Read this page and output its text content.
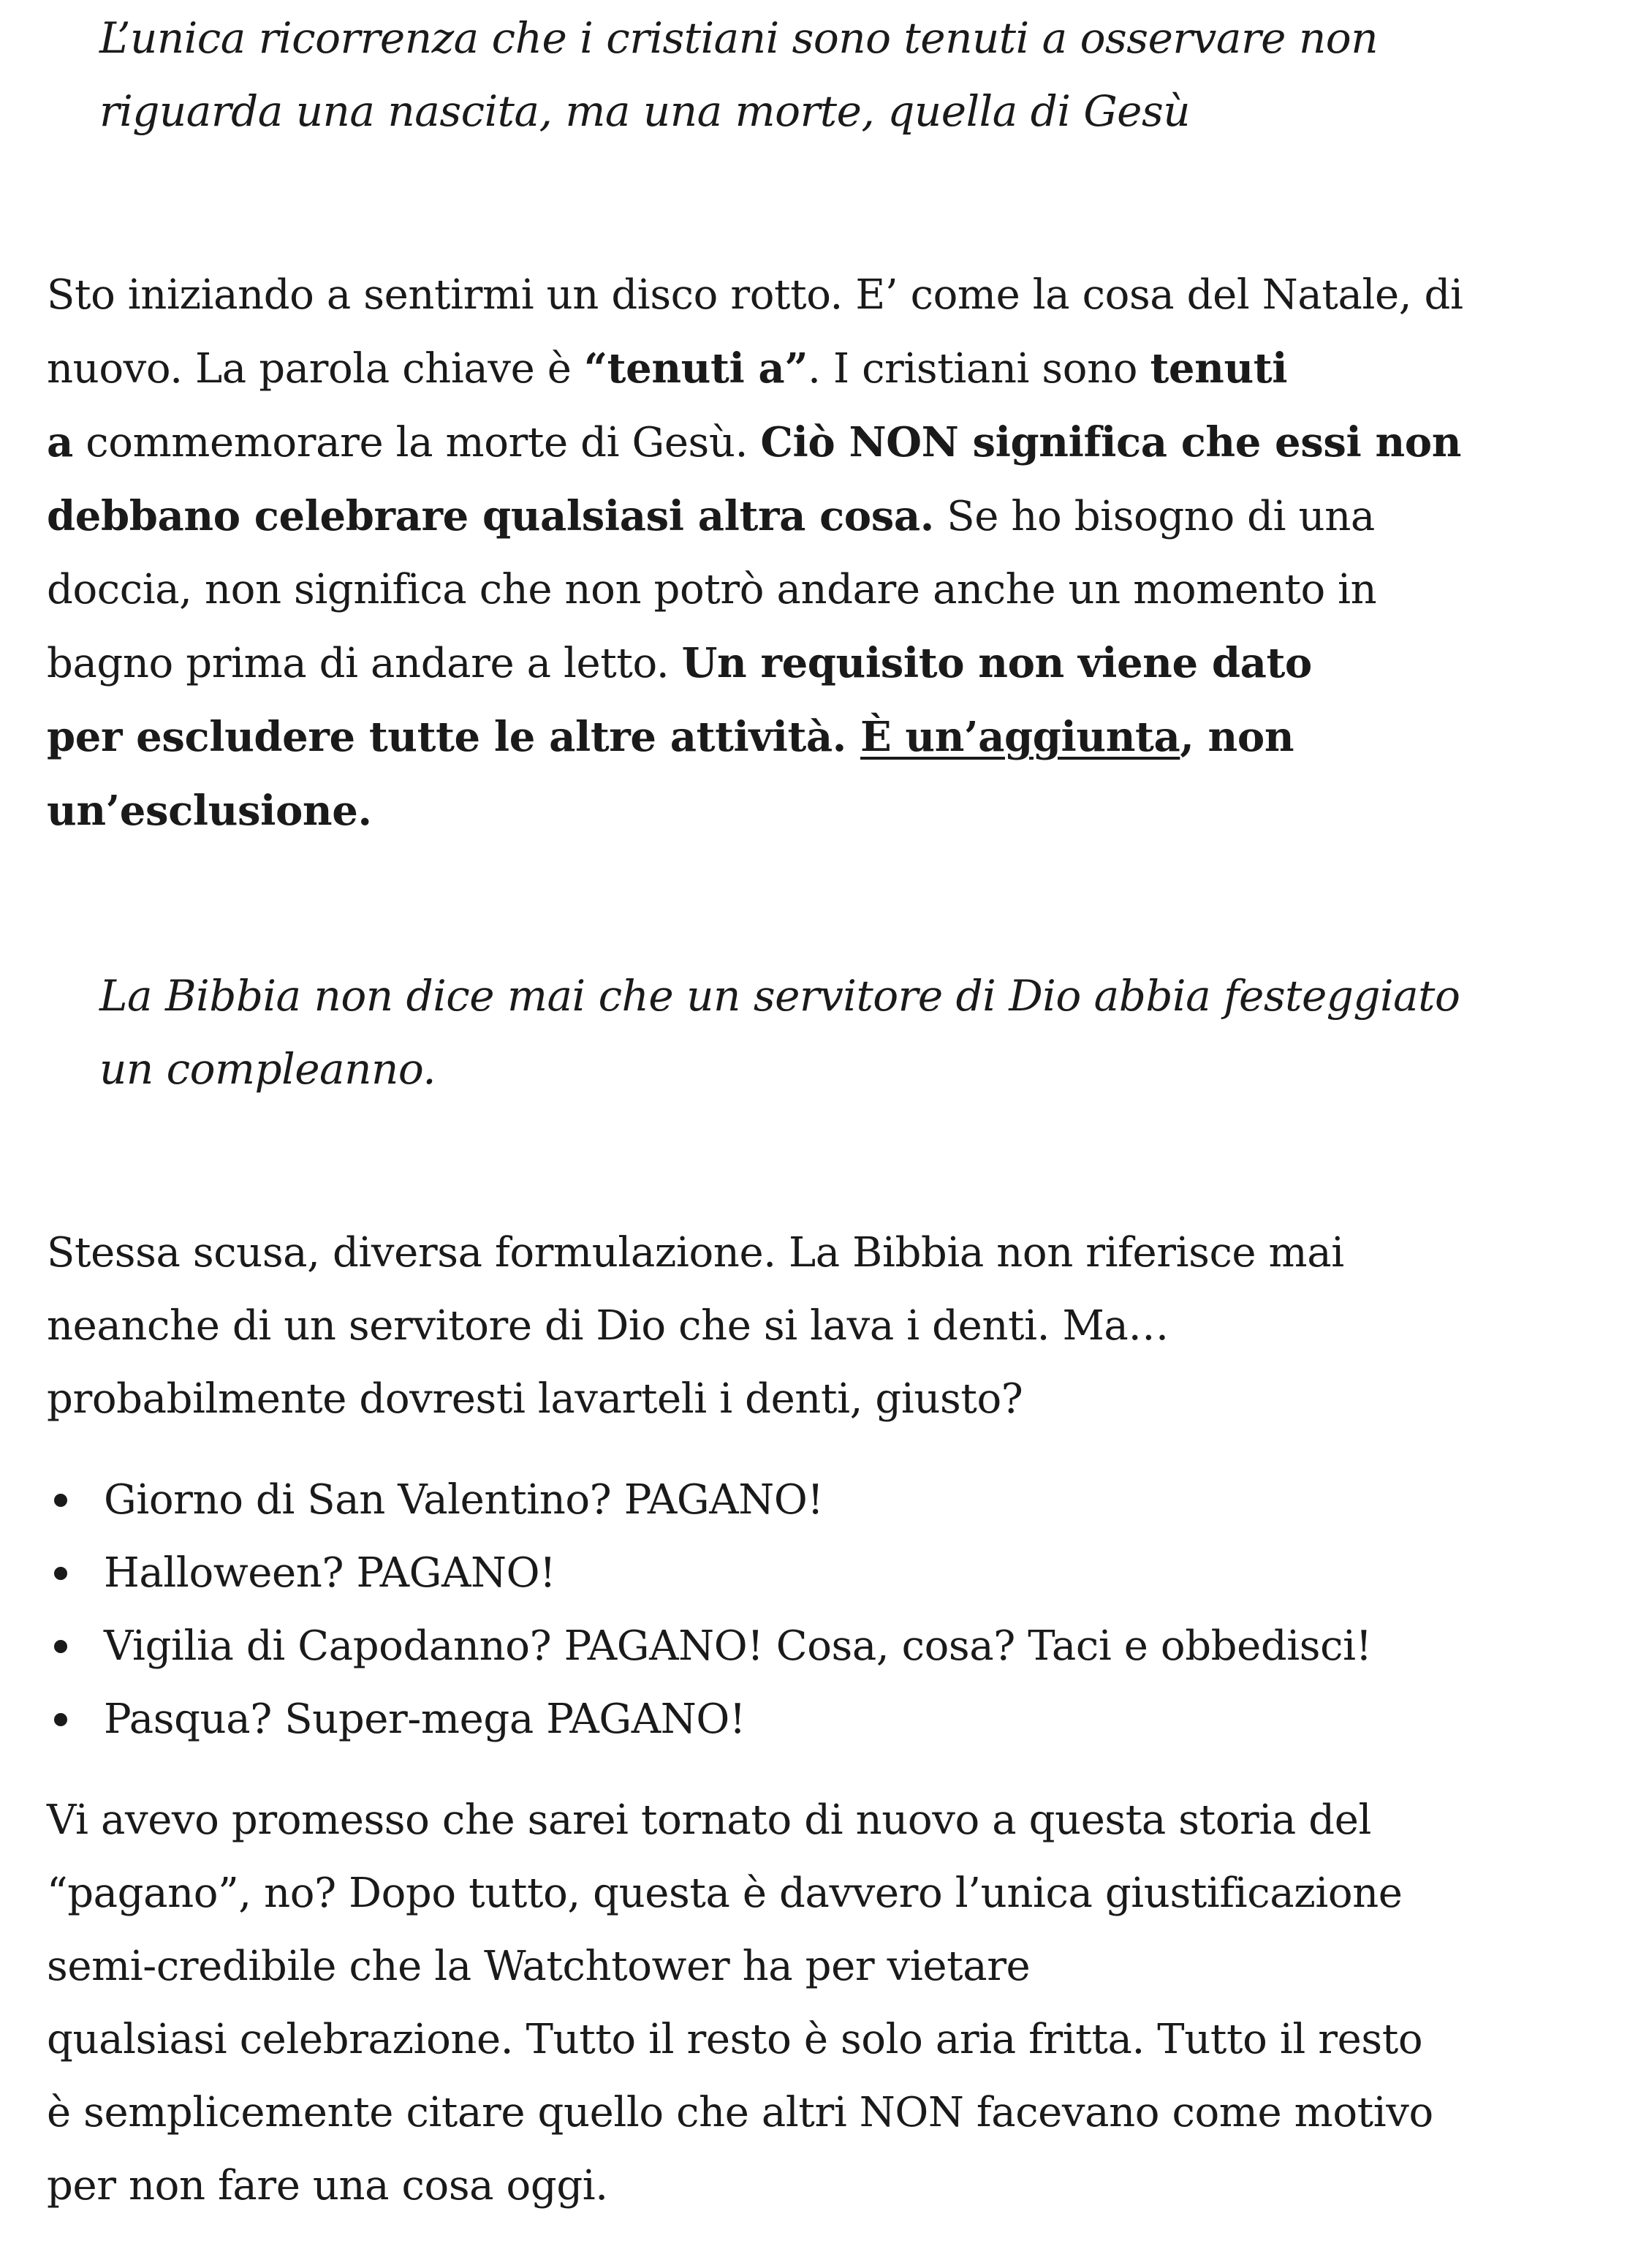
L’unica ricorrenza che i cristiani sono tenuti a osservare non
riguarda una nascita, ma una morte, quella di Gesù

Sto iniziando a sentirmi un disco rotto. E’ come la cosa del Natale, di
nuovo. La parola chiave è “tenuti a”. I cristiani sono tenuti
a commemorare la morte di Gesù. Ciò NON significa che essi non
debbano celebrare qualsiasi altra cosa. Se ho bisogno di una
doccia, non significa che non potrò andare anche un momento in
bagno prima di andare a letto. Un requisito non viene dato
per escludere tutte le altre attività. È un’aggiunta, non
un’esclusione.

La Bibbia non dice mai che un servitore di Dio abbia festeggiato
un compleanno.

Stessa scusa, diversa formulazione. La Bibbia non riferisce mai
neanche di un servitore di Dio che si lava i denti. Ma…
probabilmente dovresti lavarteli i denti, giusto?

Giorno di San Valentino? PAGANO!
Halloween? PAGANO!
Vigilia di Capodanno? PAGANO! Cosa, cosa? Taci e obbedisci!
Pasqua? Super-mega PAGANO!

Vi avevo promesso che sarei tornato di nuovo a questa storia del
“pagano”, no? Dopo tutto, questa è davvero l’unica giustificazione
semi-credibile che la Watchtower ha per vietare
qualsiasi celebrazione. Tutto il resto è solo aria fritta. Tutto il resto
è semplicemente citare quello che altri NON facevano come motivo
per non fare una cosa oggi.
